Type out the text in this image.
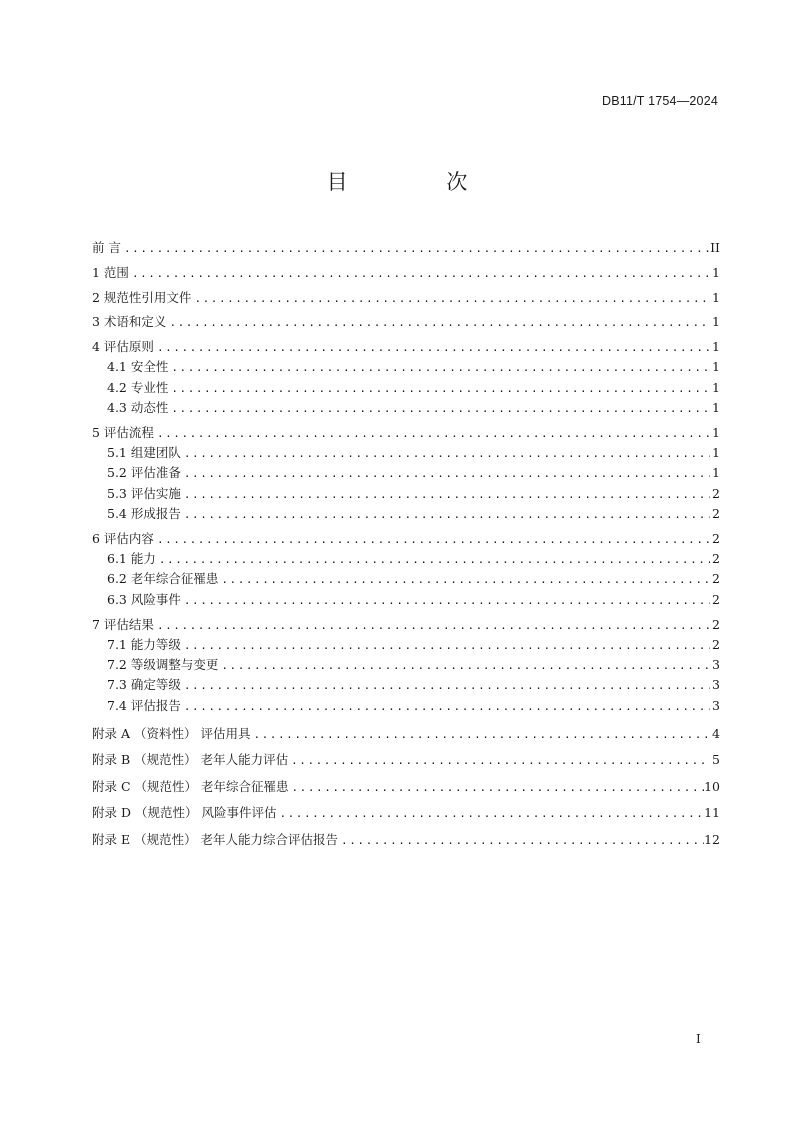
DB11/T 1754—2024
目 次
前 言 .....	II
1 范围 .....	1
2 规范性引用文件 .....	1
3 术语和定义 .....	1
4 评估原则 .....	1
4.1 安全性 .....	1
4.2 专业性 .....	1
4.3 动态性 .....	1
5 评估流程 .....	1
5.1 组建团队 .....	1
5.2 评估准备 .....	1
5.3 评估实施 .....	2
5.4 形成报告 .....	2
6 评估内容 .....	2
6.1 能力 .....	2
6.2 老年综合征罹患 .....	2
6.3 风险事件 .....	2
7 评估结果 .....	2
7.1 能力等级 .....	2
7.2 等级调整与变更 .....	3
7.3 确定等级 .....	3
7.4 评估报告 .....	3
附录 A （资料性） 评估用具 .....	4
附录 B （规范性） 老年人能力评估 .....	5
附录 C （规范性） 老年综合征罹患 .....	10
附录 D （规范性） 风险事件评估 .....	11
附录 E （规范性） 老年人能力综合评估报告 .....	12
I
